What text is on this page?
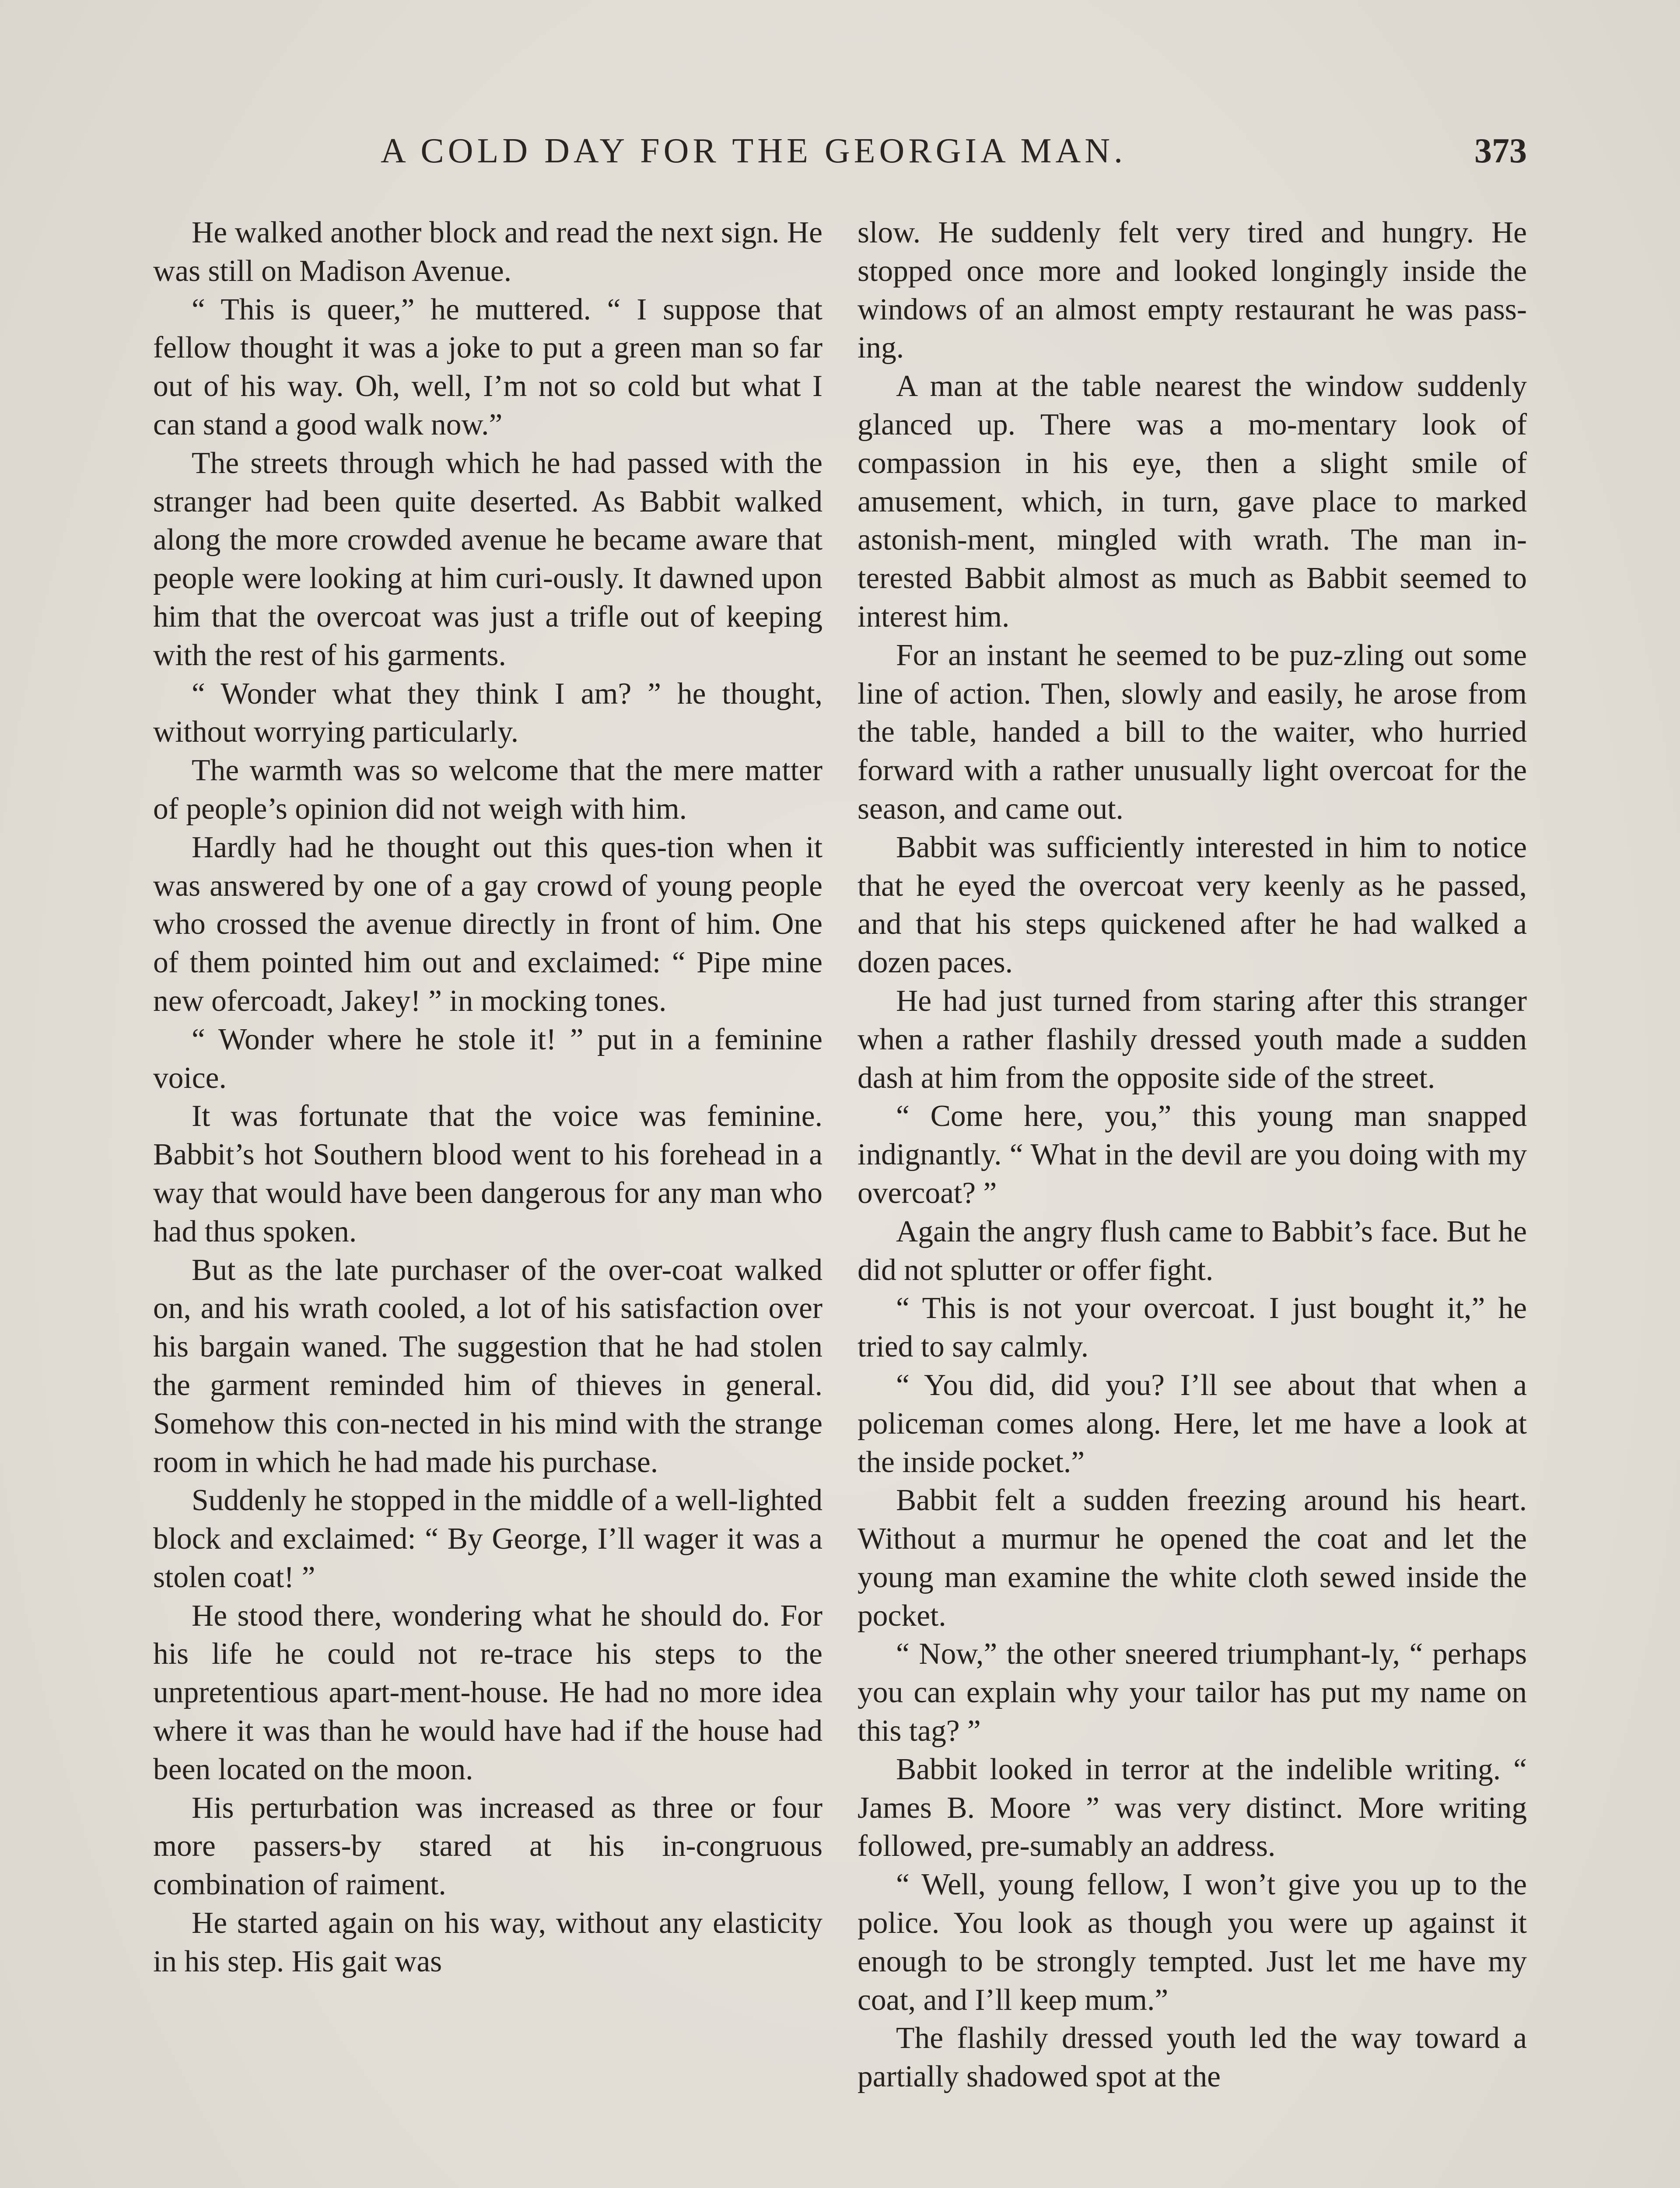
A COLD DAY FOR THE GEORGIA MAN.	373

He walked another block and read the next sign. He was still on Madison Avenue.

“ This is queer,” he muttered. “ I suppose that fellow thought it was a joke to put a green man so far out of his way. Oh, well, I’m not so cold but what I can stand a good walk now.”

The streets through which he had passed with the stranger had been quite deserted. As Babbit walked along the more crowded avenue he became aware that people were looking at him curi-ously. It dawned upon him that the overcoat was just a trifle out of keeping with the rest of his garments.

“ Wonder what they think I am? ” he thought, without worrying particularly.

The warmth was so welcome that the mere matter of people’s opinion did not weigh with him.

Hardly had he thought out this ques-tion when it was answered by one of a gay crowd of young people who crossed the avenue directly in front of him. One of them pointed him out and exclaimed: “ Pipe mine new ofercoadt, Jakey! ” in mocking tones.

“ Wonder where he stole it! ” put in a feminine voice.

It was fortunate that the voice was feminine. Babbit’s hot Southern blood went to his forehead in a way that would have been dangerous for any man who had thus spoken.

But as the late purchaser of the over-coat walked on, and his wrath cooled, a lot of his satisfaction over his bargain waned. The suggestion that he had stolen the garment reminded him of thieves in general. Somehow this con-nected in his mind with the strange room in which he had made his purchase.

Suddenly he stopped in the middle of a well-lighted block and exclaimed: “ By George, I’ll wager it was a stolen coat! ”

He stood there, wondering what he should do. For his life he could not re-trace his steps to the unpretentious apart-ment-house. He had no more idea where it was than he would have had if the house had been located on the moon.

His perturbation was increased as three or four more passers-by stared at his in-congruous combination of raiment.

He started again on his way, without any elasticity in his step. His gait was

slow. He suddenly felt very tired and hungry. He stopped once more and looked longingly inside the windows of an almost empty restaurant he was pass-ing.

A man at the table nearest the window suddenly glanced up. There was a mo-mentary look of compassion in his eye, then a slight smile of amusement, which, in turn, gave place to marked astonish-ment, mingled with wrath. The man in-terested Babbit almost as much as Babbit seemed to interest him.

For an instant he seemed to be puz-zling out some line of action. Then, slowly and easily, he arose from the table, handed a bill to the waiter, who hurried forward with a rather unusually light overcoat for the season, and came out.

Babbit was sufficiently interested in him to notice that he eyed the overcoat very keenly as he passed, and that his steps quickened after he had walked a dozen paces.

He had just turned from staring after this stranger when a rather flashily dressed youth made a sudden dash at him from the opposite side of the street.

“ Come here, you,” this young man snapped indignantly. “ What in the devil are you doing with my overcoat? ”

Again the angry flush came to Babbit’s face. But he did not splutter or offer fight.

“ This is not your overcoat. I just bought it,” he tried to say calmly.

“ You did, did you? I’ll see about that when a policeman comes along. Here, let me have a look at the inside pocket.”

Babbit felt a sudden freezing around his heart. Without a murmur he opened the coat and let the young man examine the white cloth sewed inside the pocket.

“ Now,” the other sneered triumphant-ly, “ perhaps you can explain why your tailor has put my name on this tag? ”

Babbit looked in terror at the indelible writing. “ James B. Moore ” was very distinct. More writing followed, pre-sumably an address.

“ Well, young fellow, I won’t give you up to the police. You look as though you were up against it enough to be strongly tempted. Just let me have my coat, and I’ll keep mum.”

The flashily dressed youth led the way toward a partially shadowed spot at the
